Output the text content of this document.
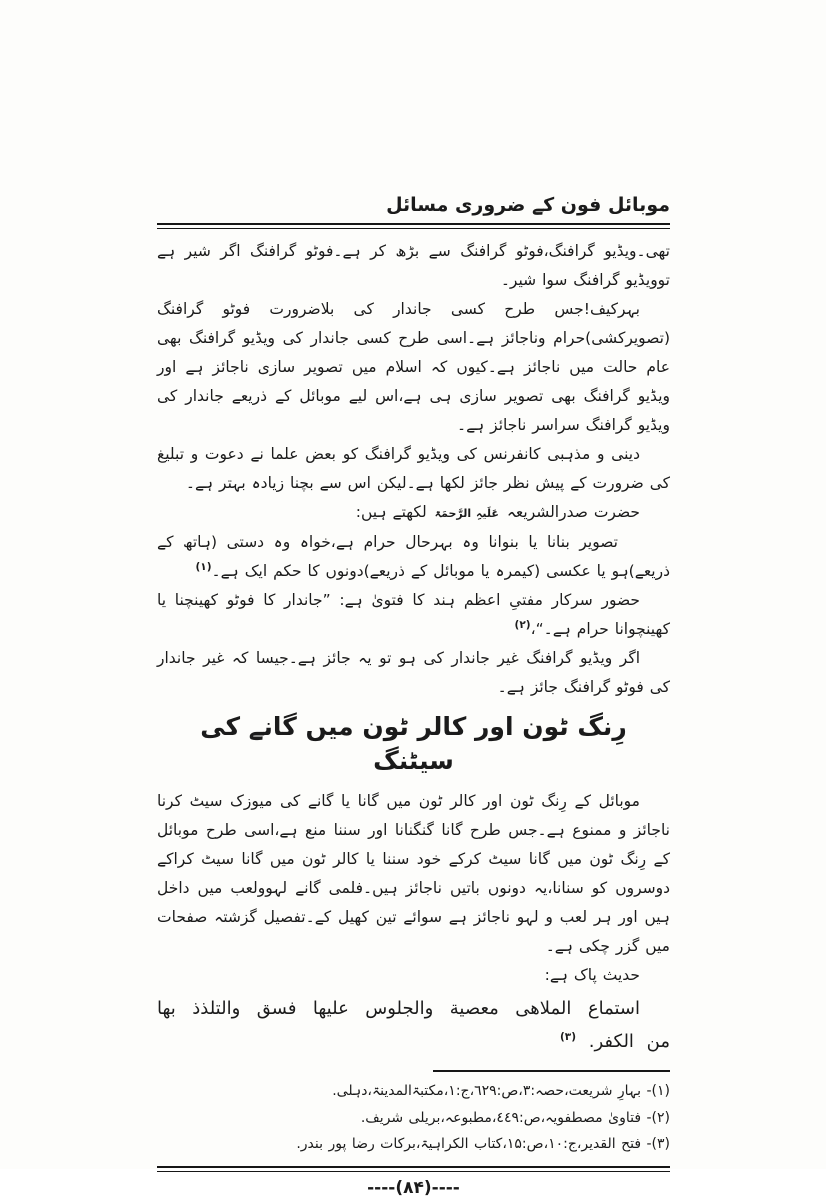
موبائل فون کے ضروری مسائل

تھی۔ویڈیو گرافنگ،فوٹو گرافنگ سے بڑھ کر ہے۔فوٹو گرافنگ اگر شیر ہے توویڈیو گرافنگ سوا شیر۔

بہرکیف!جس طرح کسی جاندار کی بلاضرورت فوٹو گرافنگ (تصویرکشی)حرام وناجائز ہے۔اسی طرح کسی جاندار کی ویڈیو گرافنگ بھی عام حالت میں ناجائز ہے۔کیوں کہ اسلام میں تصویر سازی ناجائز ہے اور ویڈیو گرافنگ بھی تصویر سازی ہی ہے،اس لیے موبائل کے ذریعے جاندار کی ویڈیو گرافنگ سراسر ناجائز ہے۔

دینی و مذہبی کانفرنس کی ویڈیو گرافنگ کو بعض علما نے دعوت و تبلیغ کی ضرورت کے پیش نظر جائز لکھا ہے۔لیکن اس سے بچنا زیادہ بہتر ہے۔

حضرت صدرالشریعہ عَلَیہِ الرَّحمَۃ لکھتے ہیں:

تصویر بنانا یا بنوانا وہ بہرحال حرام ہے،خواہ وہ دستی (ہاتھ کے ذریعے)ہو یا عکسی (کیمرہ یا موبائل کے ذریعے)دونوں کا حکم ایک ہے۔$^{(۱)}$

حضور سرکار مفتیِ اعظم ہند کا فتویٰ ہے: ”جاندار کا فوٹو کھینچنا یا کھینچوانا حرام ہے۔“،$^{(۲)}$

اگر ویڈیو گرافنگ غیر جاندار کی ہو تو یہ جائز ہے۔جیسا کہ غیر جاندار کی فوٹو گرافنگ جائز ہے۔

رِنگ ٹون اور کالر ٹون میں گانے کی سیٹنگ

موبائل کے رِنگ ٹون اور کالر ٹون میں گانا یا گانے کی میوزک سیٹ کرنا ناجائز و ممنوع ہے۔جس طرح گانا گنگنانا اور سننا منع ہے،اسی طرح موبائل کے رِنگ ٹون میں گانا سیٹ کرکے خود سننا یا کالر ٹون میں گانا سیٹ کراکے دوسروں کو سنانا،یہ دونوں باتیں ناجائز ہیں۔فلمی گانے لہوولعب میں داخل ہیں اور ہر لعب و لہو ناجائز ہے سوائے تین کھیل کے۔تفصیل گزشتہ صفحات میں گزر چکی ہے۔

حدیث پاک ہے:

استماع الملاهى معصية والجلوس عليها فسق والتلذذ بها من الكفر. $^{(۳)}$

(۱)- بہارِ شریعت،حصہ:۳،ص:٦٢٩،ج:۱،مکتبۃالمدینۃ،دہلی.
(۲)- فتاویٰ مصطفویہ،ص:٤٤٩،مطبوعہ،بریلی شریف.
(۳)- فتح القدیر،ج:۱۰،ص:۱۵،کتاب الکراہیۃ،برکات رضا پور بندر.
----(۸۴)----
